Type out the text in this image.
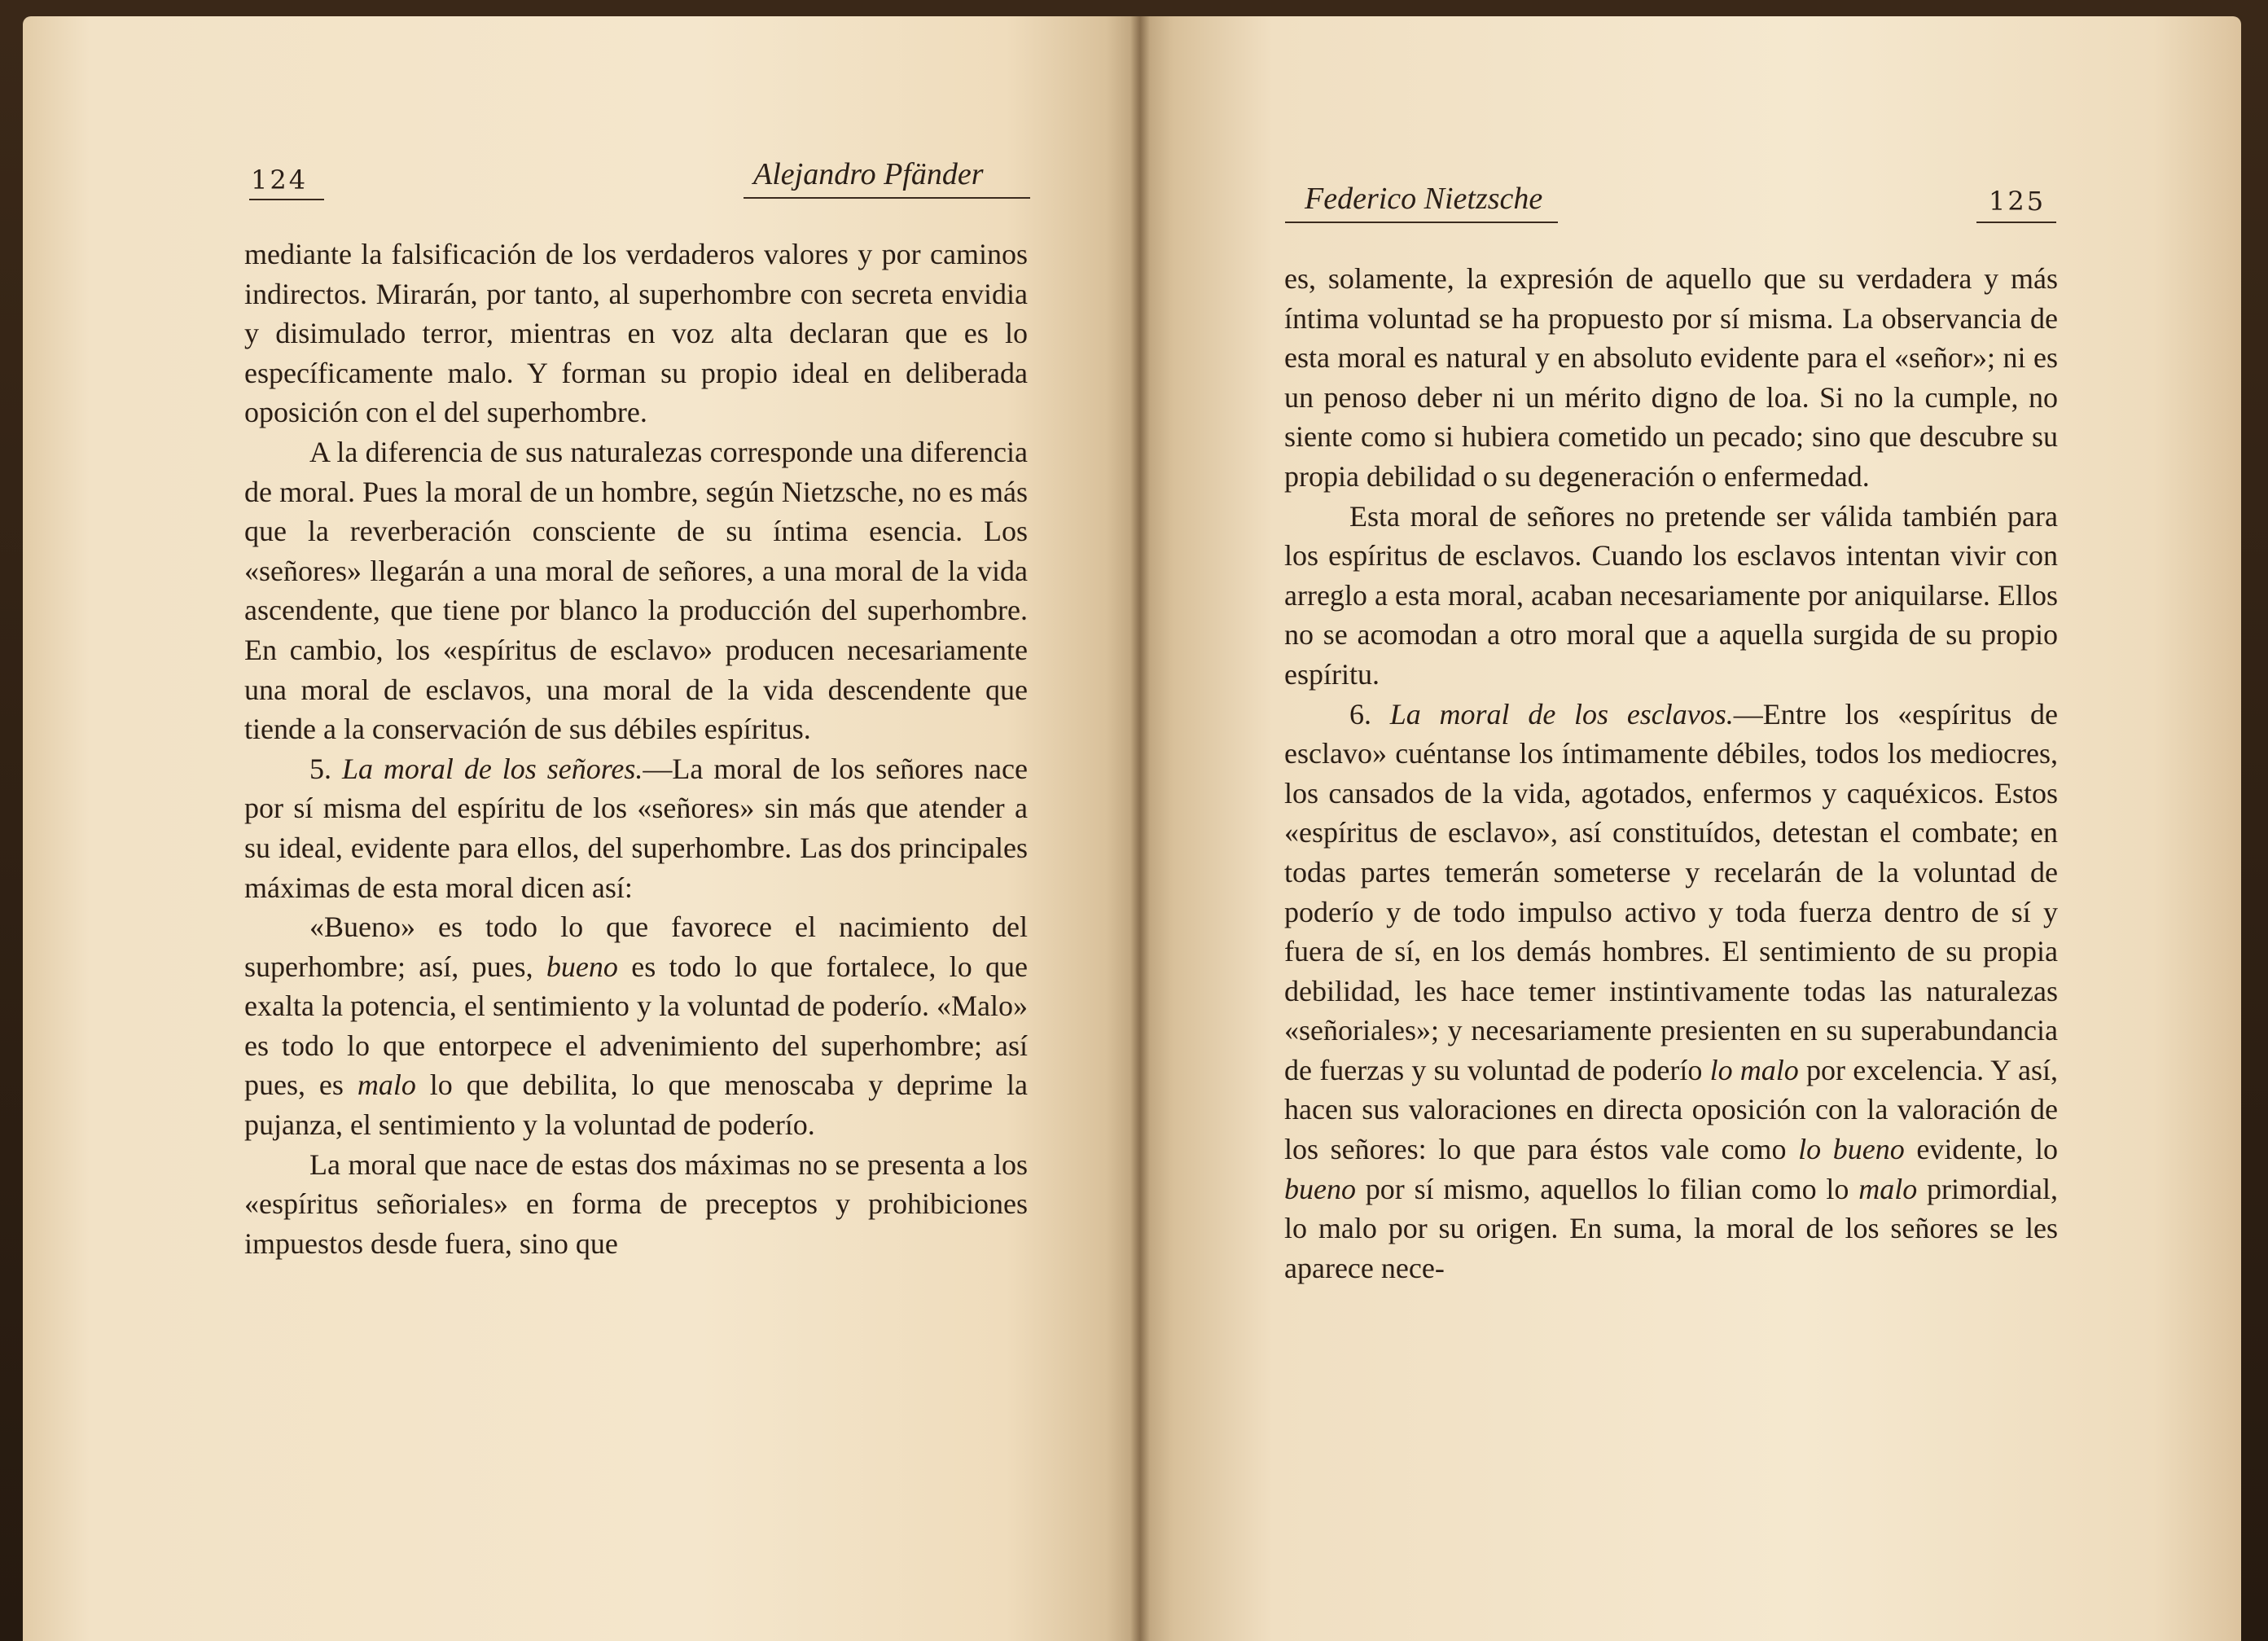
124	Alejandro Pfänder

mediante la falsificación de los verdaderos valores y por caminos indirectos. Mirarán, por tanto, al superhombre con secreta envidia y disimulado terror, mientras en voz alta declaran que es lo específicamente malo. Y forman su propio ideal en deliberada oposición con el del superhombre.

A la diferencia de sus naturalezas corresponde una diferencia de moral. Pues la moral de un hombre, según Nietzsche, no es más que la reverberación consciente de su íntima esencia. Los «señores» llegarán a una moral de señores, a una moral de la vida ascendente, que tiene por blanco la producción del superhombre. En cambio, los «espíritus de esclavo» producen necesariamente una moral de esclavos, una moral de la vida descendente que tiende a la conservación de sus débiles espíritus.

5. La moral de los señores.—La moral de los señores nace por sí misma del espíritu de los «señores» sin más que atender a su ideal, evidente para ellos, del superhombre. Las dos principales máximas de esta moral dicen así:

«Bueno» es todo lo que favorece el nacimiento del superhombre; así, pues, bueno es todo lo que fortalece, lo que exalta la potencia, el sentimiento y la voluntad de poderío. «Malo» es todo lo que entorpece el advenimiento del superhombre; así pues, es malo lo que debilita, lo que menoscaba y deprime la pujanza, el sentimiento y la voluntad de poderío.

La moral que nace de estas dos máximas no se presenta a los «espíritus señoriales» en forma de preceptos y prohibiciones impuestos desde fuera, sino que

Federico Nietzsche	125

es, solamente, la expresión de aquello que su verdadera y más íntima voluntad se ha propuesto por sí misma. La observancia de esta moral es natural y en absoluto evidente para el «señor»; ni es un penoso deber ni un mérito digno de loa. Si no la cumple, no siente como si hubiera cometido un pecado; sino que descubre su propia debilidad o su degeneración o enfermedad.

Esta moral de señores no pretende ser válida también para los espíritus de esclavos. Cuando los esclavos intentan vivir con arreglo a esta moral, acaban necesariamente por aniquilarse. Ellos no se acomodan a otro moral que a aquella surgida de su propio espíritu.

6. La moral de los esclavos.—Entre los «espíritus de esclavo» cuéntanse los íntimamente débiles, todos los mediocres, los cansados de la vida, agotados, enfermos y caquéxicos. Estos «espíritus de esclavo», así constituídos, detestan el combate; en todas partes temerán someterse y recelarán de la voluntad de poderío y de todo impulso activo y toda fuerza dentro de sí y fuera de sí, en los demás hombres. El sentimiento de su propia debilidad, les hace temer instintivamente todas las naturalezas «señoriales»; y necesariamente presienten en su superabundancia de fuerzas y su voluntad de poderío lo malo por excelencia. Y así, hacen sus valoraciones en directa oposición con la valoración de los señores: lo que para éstos vale como lo bueno evidente, lo bueno por sí mismo, aquellos lo filian como lo malo primordial, lo malo por su origen. En suma, la moral de los señores se les aparece nece-
